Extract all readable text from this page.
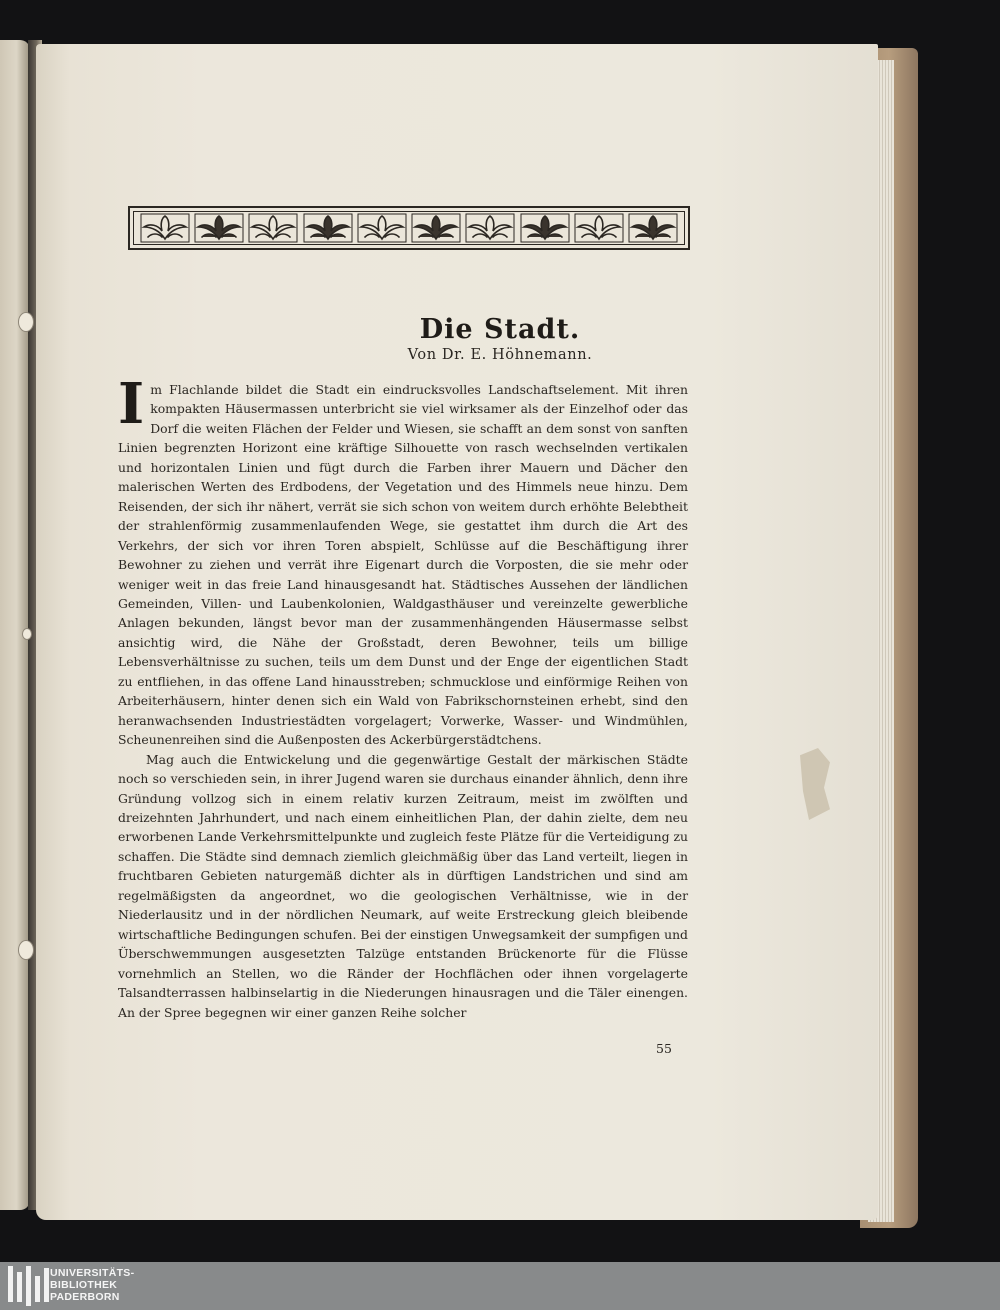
Die Stadt.
Von Dr. E. Höhnemann.

Im Flachlande bildet die Stadt ein eindrucksvolles Landschaftselement. Mit ihren kompakten Häusermassen unterbricht sie viel wirksamer als der Einzelhof oder das Dorf die weiten Flächen der Felder und Wiesen, sie schafft an dem sonst von sanften Linien begrenzten Horizont eine kräftige Silhouette von rasch wechselnden vertikalen und horizontalen Linien und fügt durch die Farben ihrer Mauern und Dächer den malerischen Werten des Erdbodens, der Vegetation und des Himmels neue hinzu. Dem Reisenden, der sich ihr nähert, verrät sie sich schon von weitem durch erhöhte Belebtheit der strahlenförmig zusammenlaufenden Wege, sie gestattet ihm durch die Art des Verkehrs, der sich vor ihren Toren abspielt, Schlüsse auf die Beschäftigung ihrer Bewohner zu ziehen und verrät ihre Eigenart durch die Vorposten, die sie mehr oder weniger weit in das freie Land hinausgesandt hat. Städtisches Aussehen der ländlichen Gemeinden, Villen- und Laubenkolonien, Waldgasthäuser und vereinzelte gewerbliche Anlagen bekunden, längst bevor man der zusammenhängenden Häusermasse selbst ansichtig wird, die Nähe der Großstadt, deren Bewohner, teils um billige Lebensverhältnisse zu suchen, teils um dem Dunst und der Enge der eigentlichen Stadt zu entfliehen, in das offene Land hinausstreben; schmucklose und einförmige Reihen von Arbeiterhäusern, hinter denen sich ein Wald von Fabrikschornsteinen erhebt, sind den heranwachsenden Industriestädten vorgelagert; Vorwerke, Wasser- und Windmühlen, Scheunenreihen sind die Außenposten des Ackerbürgerstädtchens.

Mag auch die Entwickelung und die gegenwärtige Gestalt der märkischen Städte noch so verschieden sein, in ihrer Jugend waren sie durchaus einander ähnlich, denn ihre Gründung vollzog sich in einem relativ kurzen Zeitraum, meist im zwölften und dreizehnten Jahrhundert, und nach einem einheitlichen Plan, der dahin zielte, dem neu erworbenen Lande Verkehrsmittelpunkte und zugleich feste Plätze für die Verteidigung zu schaffen. Die Städte sind demnach ziemlich gleichmäßig über das Land verteilt, liegen in fruchtbaren Gebieten naturgemäß dichter als in dürftigen Landstrichen und sind am regelmäßigsten da angeordnet, wo die geologischen Verhältnisse, wie in der Niederlausitz und in der nördlichen Neumark, auf weite Erstreckung gleich bleibende wirtschaftliche Bedingungen schufen. Bei der einstigen Unwegsamkeit der sumpfigen und Überschwemmungen ausgesetzten Talzüge entstanden Brückenorte für die Flüsse vornehmlich an Stellen, wo die Ränder der Hochflächen oder ihnen vorgelagerte Talsandterrassen halbinselartig in die Niederungen hinausragen und die Täler einengen. An der Spree begegnen wir einer ganzen Reihe solcher

55
UNIVERSITÄTS-
BIBLIOTHEK
PADERBORN
